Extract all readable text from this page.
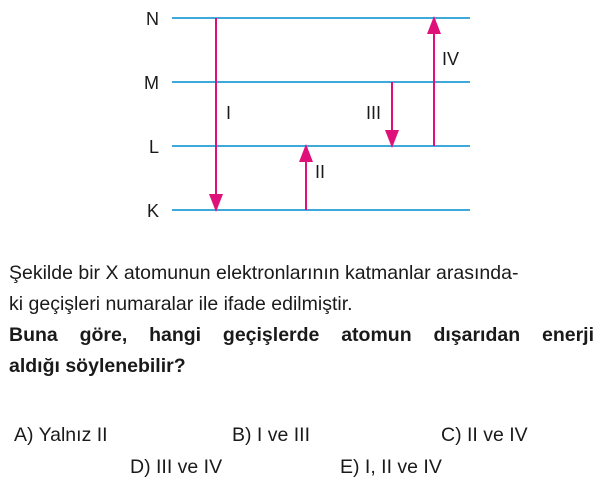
N
M
L
K
I
II
III
IV
Şekilde bir X atomunun elektronlarının katmanlar arasında-
ki geçişleri numaralar ile ifade edilmiştir.
Buna göre, hangi geçişlerde atomun dışarıdan enerji
aldığı söylenebilir?
A) Yalnız II	B) I ve III	C) II ve IV
D) III ve IV	E) I, II ve IV
